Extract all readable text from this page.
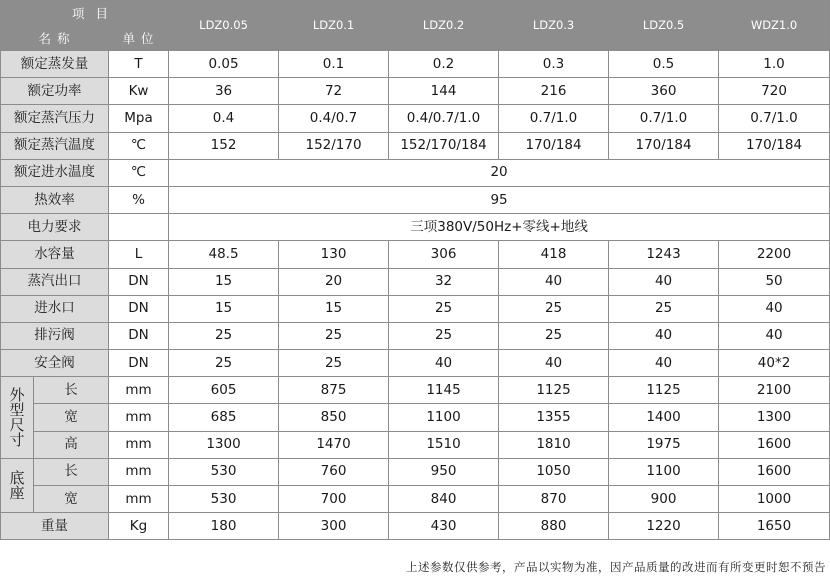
项  目			LDZ0.05	LDZ0.1	LDZ0.2	LDZ0.3	LDZ0.5	WDZ1.0
名 称		单 位						
额定蒸发量		T	0.05	0.1	0.2	0.3	0.5	1.0
额定功率		Kw	36	72	144	216	360	720
额定蒸汽压力		Mpa	0.4	0.4/0.7	0.4/0.7/1.0	0.7/1.0	0.7/1.0	0.7/1.0
额定蒸汽温度		℃	152	152/170	152/170/184	170/184	170/184	170/184
额定进水温度		℃	20					
热效率		%	95					
电力要求			三项380V/50Hz+零线+地线					
水容量		L	48.5	130	306	418	1243	2200
蒸汽出口		DN	15	20	32	40	40	50
进水口		DN	15	15	25	25	25	40
排污阀		DN	25	25	25	25	40	40
安全阀		DN	25	25	40	40	40	40*2
外
型
尺
寸	长	mm	605	875	1145	1125	1125	2100
	宽	mm	685	850	1100	1355	1400	1300
	高	mm	1300	1470	1510	1810	1975	1600
底
座	长	mm	530	760	950	1050	1100	1600
	宽	mm	530	700	840	870	900	1000
重量		Kg	180	300	430	880	1220	1650
上述参数仅供参考，产品以实物为准，因产品质量的改进而有所变更时恕不预告
